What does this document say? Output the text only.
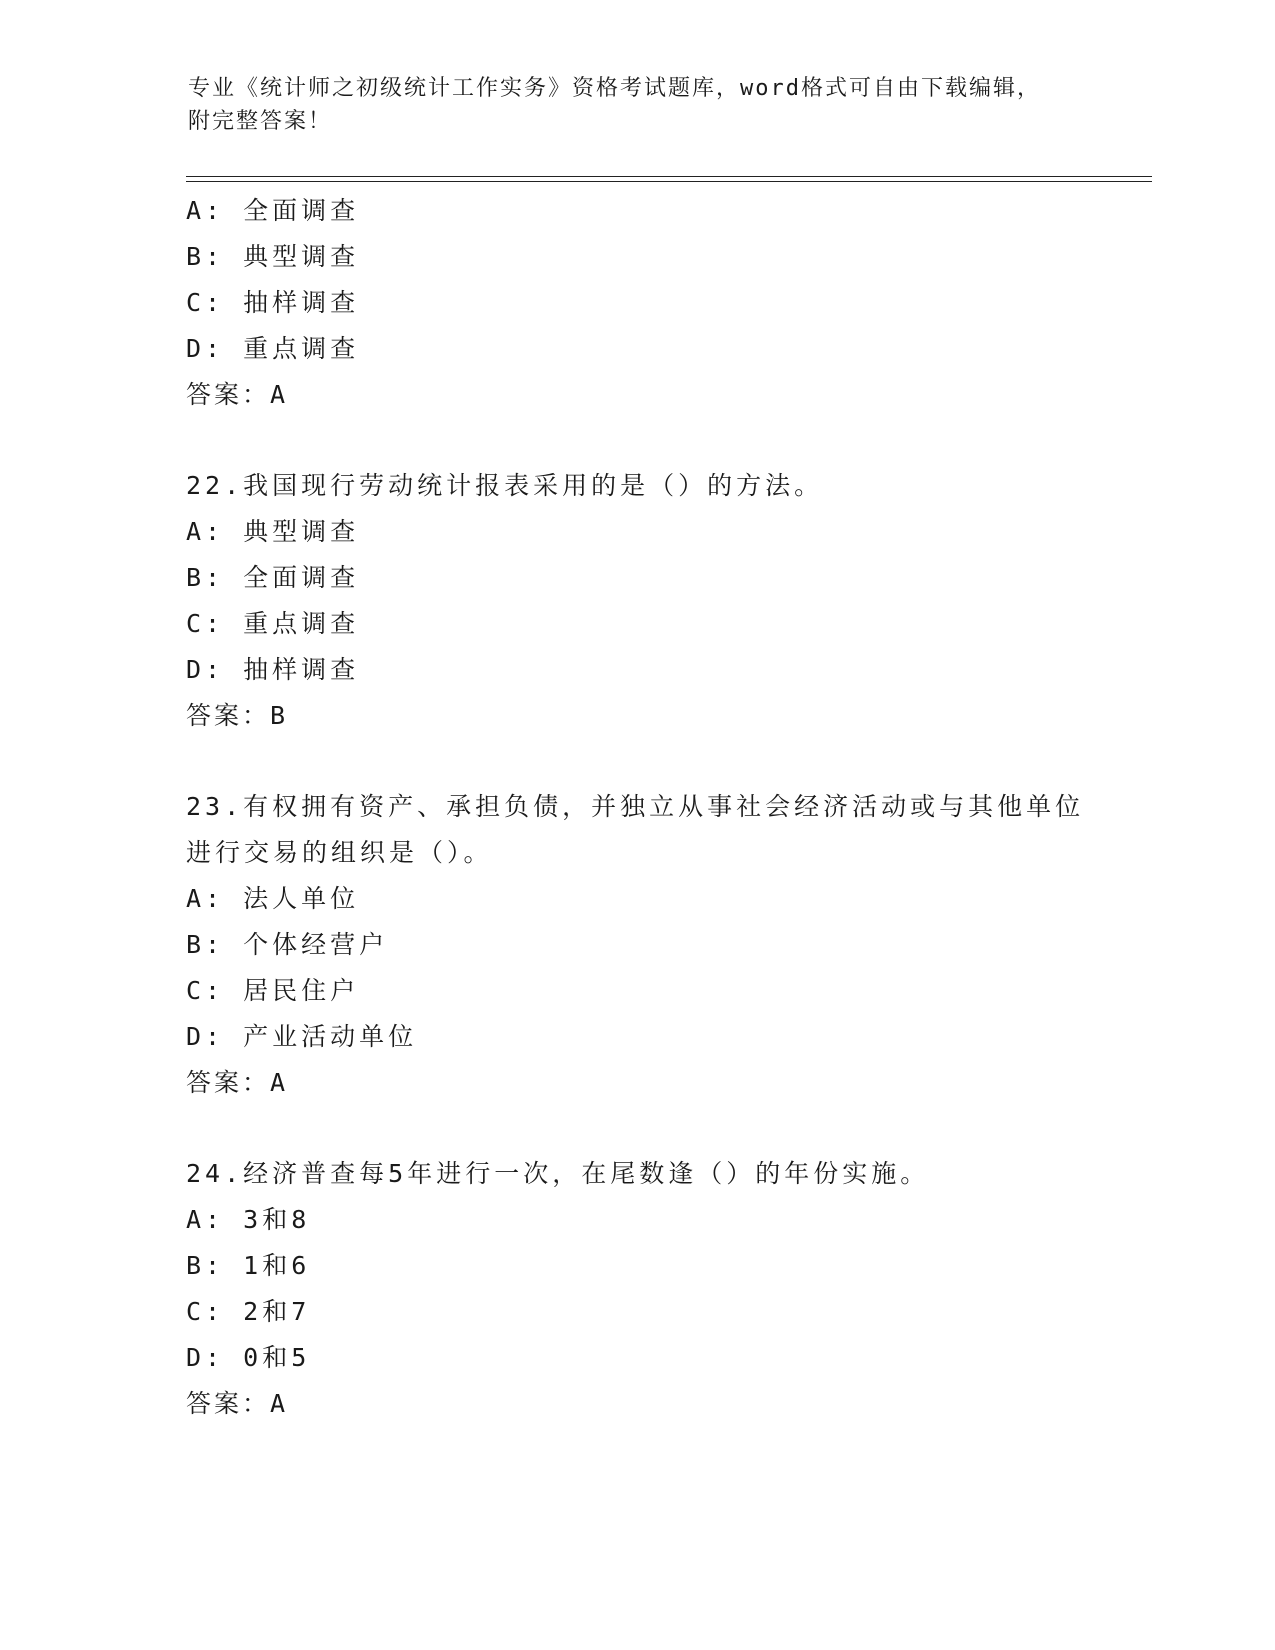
专业《统计师之初级统计工作实务》资格考试题库，word格式可自由下载编辑，
附完整答案！
A: 全面调查
B: 典型调查
C: 抽样调查
D: 重点调查
答案：A
22.我国现行劳动统计报表采用的是（）的方法。
A: 典型调查
B: 全面调查
C: 重点调查
D: 抽样调查
答案：B
23.有权拥有资产、承担负债，并独立从事社会经济活动或与其他单位
进行交易的组织是（）。
A: 法人单位
B: 个体经营户
C: 居民住户
D: 产业活动单位
答案：A
24.经济普查每5年进行一次，在尾数逢（）的年份实施。
A: 3和8
B: 1和6
C: 2和7
D: 0和5
答案：A
